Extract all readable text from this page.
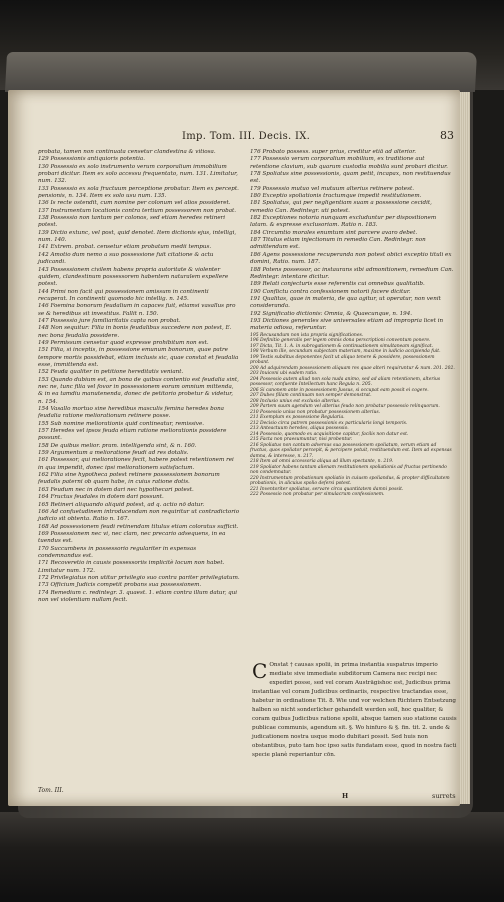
Imp. Tom. III. Decis. IX.	83

probata, tamen non continuata censetur clandestina & vitiosa.

129 Possessionis antiquioris potentia.

130 Possessio ex solo instrumento verum corporalium immobilium probari dicitur. Item ex solo accessu frequentato, num. 131. Limitatur, num. 132.

133 Possessio ex sola fructuum perceptione probatur. Item ex percept. pensionis, n. 134. Item ex solo usu num. 135.

136 Is recte ostendit, cum nomine per colonum vel alios possideret.

137 Instrumentum locationis contra tertium possessorem non probat.

138 Possessio non tantum per colonos, sed etiam heredes retineri potest.

139 Dictio extunc, vel post, quid denotet. Item dictionis ejus, intelligi, num. 140.

141 Extrem. probat. censetur etiam probatum medii tempus.

142 Amotio dum nemo a suo possessione fuit citatione & actu judicandi.

143 Possessionem civilem habens propria autoritate & violenter quidem, clandestinum possessorem habentem naturalem expellere potest.

144 Primi non facit qui possessionem amissum in continenti recuperat. In continenti quomodo hic intellig. n. 145.

146 Foemina bonorum feudalium in capaces fuit, etiamsi vasallus pro se & heredibus sit investitus. Fallit n. 150.

147 Possessio jure familiaritatis capta non probat.

148 Non sequitur: Filia in bonis feudalibus succedere non potest, E. nec bona feudalia possidere.

149 Permissum censetur quod expresse prohibitum non est.

151 Filia, si inceptis, in possessione emunum bonorum, quae patre tempore mortis possidebat, etiam inclusis sic, quae constat et feudalia esse, immittenda est.

152 Feuda qualiter in petitione hereditatis veniant.

153 Quando dubium est, an bona de quibus contentio est feudalia sint, nec ne, tunc filia vel fovor in possessionem eorum omnium mittenda, & in ea tamdiu manutenenda, donec de petitorio probetur & videtur, n. 154.

154 Vasallo mortuo sine heredibus masculis femina heredes bona feudalia ratione meliorationum retinere posse.

155 Sub nomine meliorationis quid contineatur, remissive.

157 Heredes vel ipsos feuda etiam ratione meliorationis possidere possunt.

158 De quibus melior. pram. intelligenda sint, & n. 160.

159 Argumentum a melioratione feudi ad res dotalis.

161 Possessor, qui meliorationes fecit, habere potest retentionem rei in qua impendit, donec ipsi meliorationem satisfactum.

162 Filia sine hypotheca potest retinere possessionem bonorum feudalis paterni ob quam habe, in cuius ratione dotis.

163 Feudum nec in dotem dari nec hypothecari potest.

164 Fructus feudales in dotem dari possunt.

165 Retineri aliquando aliquid potest, ad q. actio nō datur.

166 Ad confuetudinem introducendam non requiritur ut contradictorio judicio sit obtenta. Ratio n. 167.

168 Ad possessionem feudi retinendam titulus etiam coloratus sufficit.

169 Possessionem nec vi, nec clam, nec precario adsequens, in ea tuendus est.

170 Succumbens in possessorio regulariter in expensas condemnandus est.

171 Recoveretio in causis possessoriis implicitè locum non habet. Limitatur num. 172.

172 Privilegiatus non utitur privilegio suo contra pariter privilegiatum.

173 Officium Judicis competit probans sua possessionem.

174 Remedium c. redintegr. 3. quaest. 1. etiam contra illum datur, qui non vel violentiam nullam fecit.

Tom. III.

176 Probato possess. super prius, creditur etiā ad alterior.

177 Possessio verum corporalium mobilium, ex traditione aut retentione clavium, sub quarum custodia mobilia sunt probari dicitur.

178 Spoliatus sine possessionis, quam petit, incapax, non restituendus est.

179 Possessio mutuo vel mutuum alterius retinere potest.

180 Exceptio spoliationis tractumque impedit restitutionem.

181 Spoliatus, qui per negligentiam suam a possessione cecidit, remedio Can. Redintegr. uti potest.

182 Exceptiones notoria nunquam excluduntur per dispositionem latam. & expresse exclusoriam. Ratio n. 183.

184 Circumtio morales enumtum sint parcere avaro debet.

187 Titulus etiam injectionum in remedio Can. Redintegr. non admittendum est.

186 Agens possessione recuperanda non potest obiici exceptio tituli ex domini, Ratio. num. 187.

188 Potens possessor, ac instaurans sibi admonitionem, remedium Can. Redintegr. intentare dicitur.

189 Relati conjecturis esse referentis cui omnebus qualitatib.

190 Conflictu contra confessionem notorii facere dicitur.

191 Qualitas, quae in materia, de qua agitur, ut operatur, non venit consideranda.

192 Significatio dictionis: Omnia, & Quaecunque, n. 194.

193 Dictiones generales sive universales etiam ad impropria licet in materia odiosa, referuntur.

195 Recusandum non ista propria significationes.

196 Definitio generalis per legem omnis dona perscriptioni conventum ponere.

197 Dicta, Tit. 1. A. in subrogationem & continuationem simultaneam significat.

198 Verbum ille, secundum subjectam materiam, maxime in iudicio accipienda fuit.

199 Testis subditus deponentes facit ut aliquo tenere & possidere, possessionem probant.

200 Ad adquirendam possessionem aliquam res quae alteri requiruntur & num. 201. 202.

203 Inuiconi ubi eadem ratio.

204 Possessio autem aliud non sola nuda animo, sed ad aliam retentionem, alterius possessor, confuente Intellectum hanc Regula n. 205.

206 Si canonem ante in possessionem Jussus, si occupat eam possit ei cogere.

207 Dubes fillam continuam non semper demonstrat.

208 Inclusio unius est exclusio alterius.

209 Partem suum agendum vel alterius feudo non probatur possessio relinquorum.

210 Possessio unius non probatur possessionem alterius.

211 Exemplum ex possessione Regularia.

212 Decisio circa patrem possessionis ex particularis longi temporis.

213 Anteactuum heredes, aliqua possessio.

214 Possessio, quomodo ex acquisitione capitur, facilis non datur est.

215 Facta non praesumuntur, nisi probentur.

216 Spoliatus non cantum adversus sua possessionem spoliatum, verum etiam ad fructus, quos spoliator percepit, & percipere potuit, restituendum est. Item ad expensas damna, & interesse, n. 217.

218 Item ad omni accessoria aliqua ad illum spectante, n. 219.

219 Spoliator habens tantum alienam restitutionem spoliationis ad fructus pertinendo non condemnatur.

220 Instrumentum probationum spoliatio in cuiusm spoliandus, & propter difficultatem probationis, in alicuius spolio defersi potest.

221 Inventoriter spoliatus, servare circa quantitatem damni possit.

222 Possessio non probatur per simulacrum confessionem.

C Onstat † causas spolii, in prima instantia suspatrus imperio mediate sive immediate subditorum Camera nec recipi nec expediri posse, sed vel coram Austrägishoc est, Judicibus prima instantiae vel coram Judicibus ordinariis, respective tractandas esse, habetur in ordinatione Tit. 8. Wie und vor welchen Richtern Entsetzung halben so nicht sonderlicher gehandelt werden soll, hoc qualiter, & coram quibus Judicibus ratione spolii, absque tamen suo statione causis publicae communis, agendum sit. §. Wo hinfuro & §. fin. tit. 2. unde & judicationem nostra usque modo dubitari possit. Sed huis non obstantibus, puto tam hoc ipso satis fundatam esse, quod in nostra facti specie planè reperiantur cōn.

H	surrets
